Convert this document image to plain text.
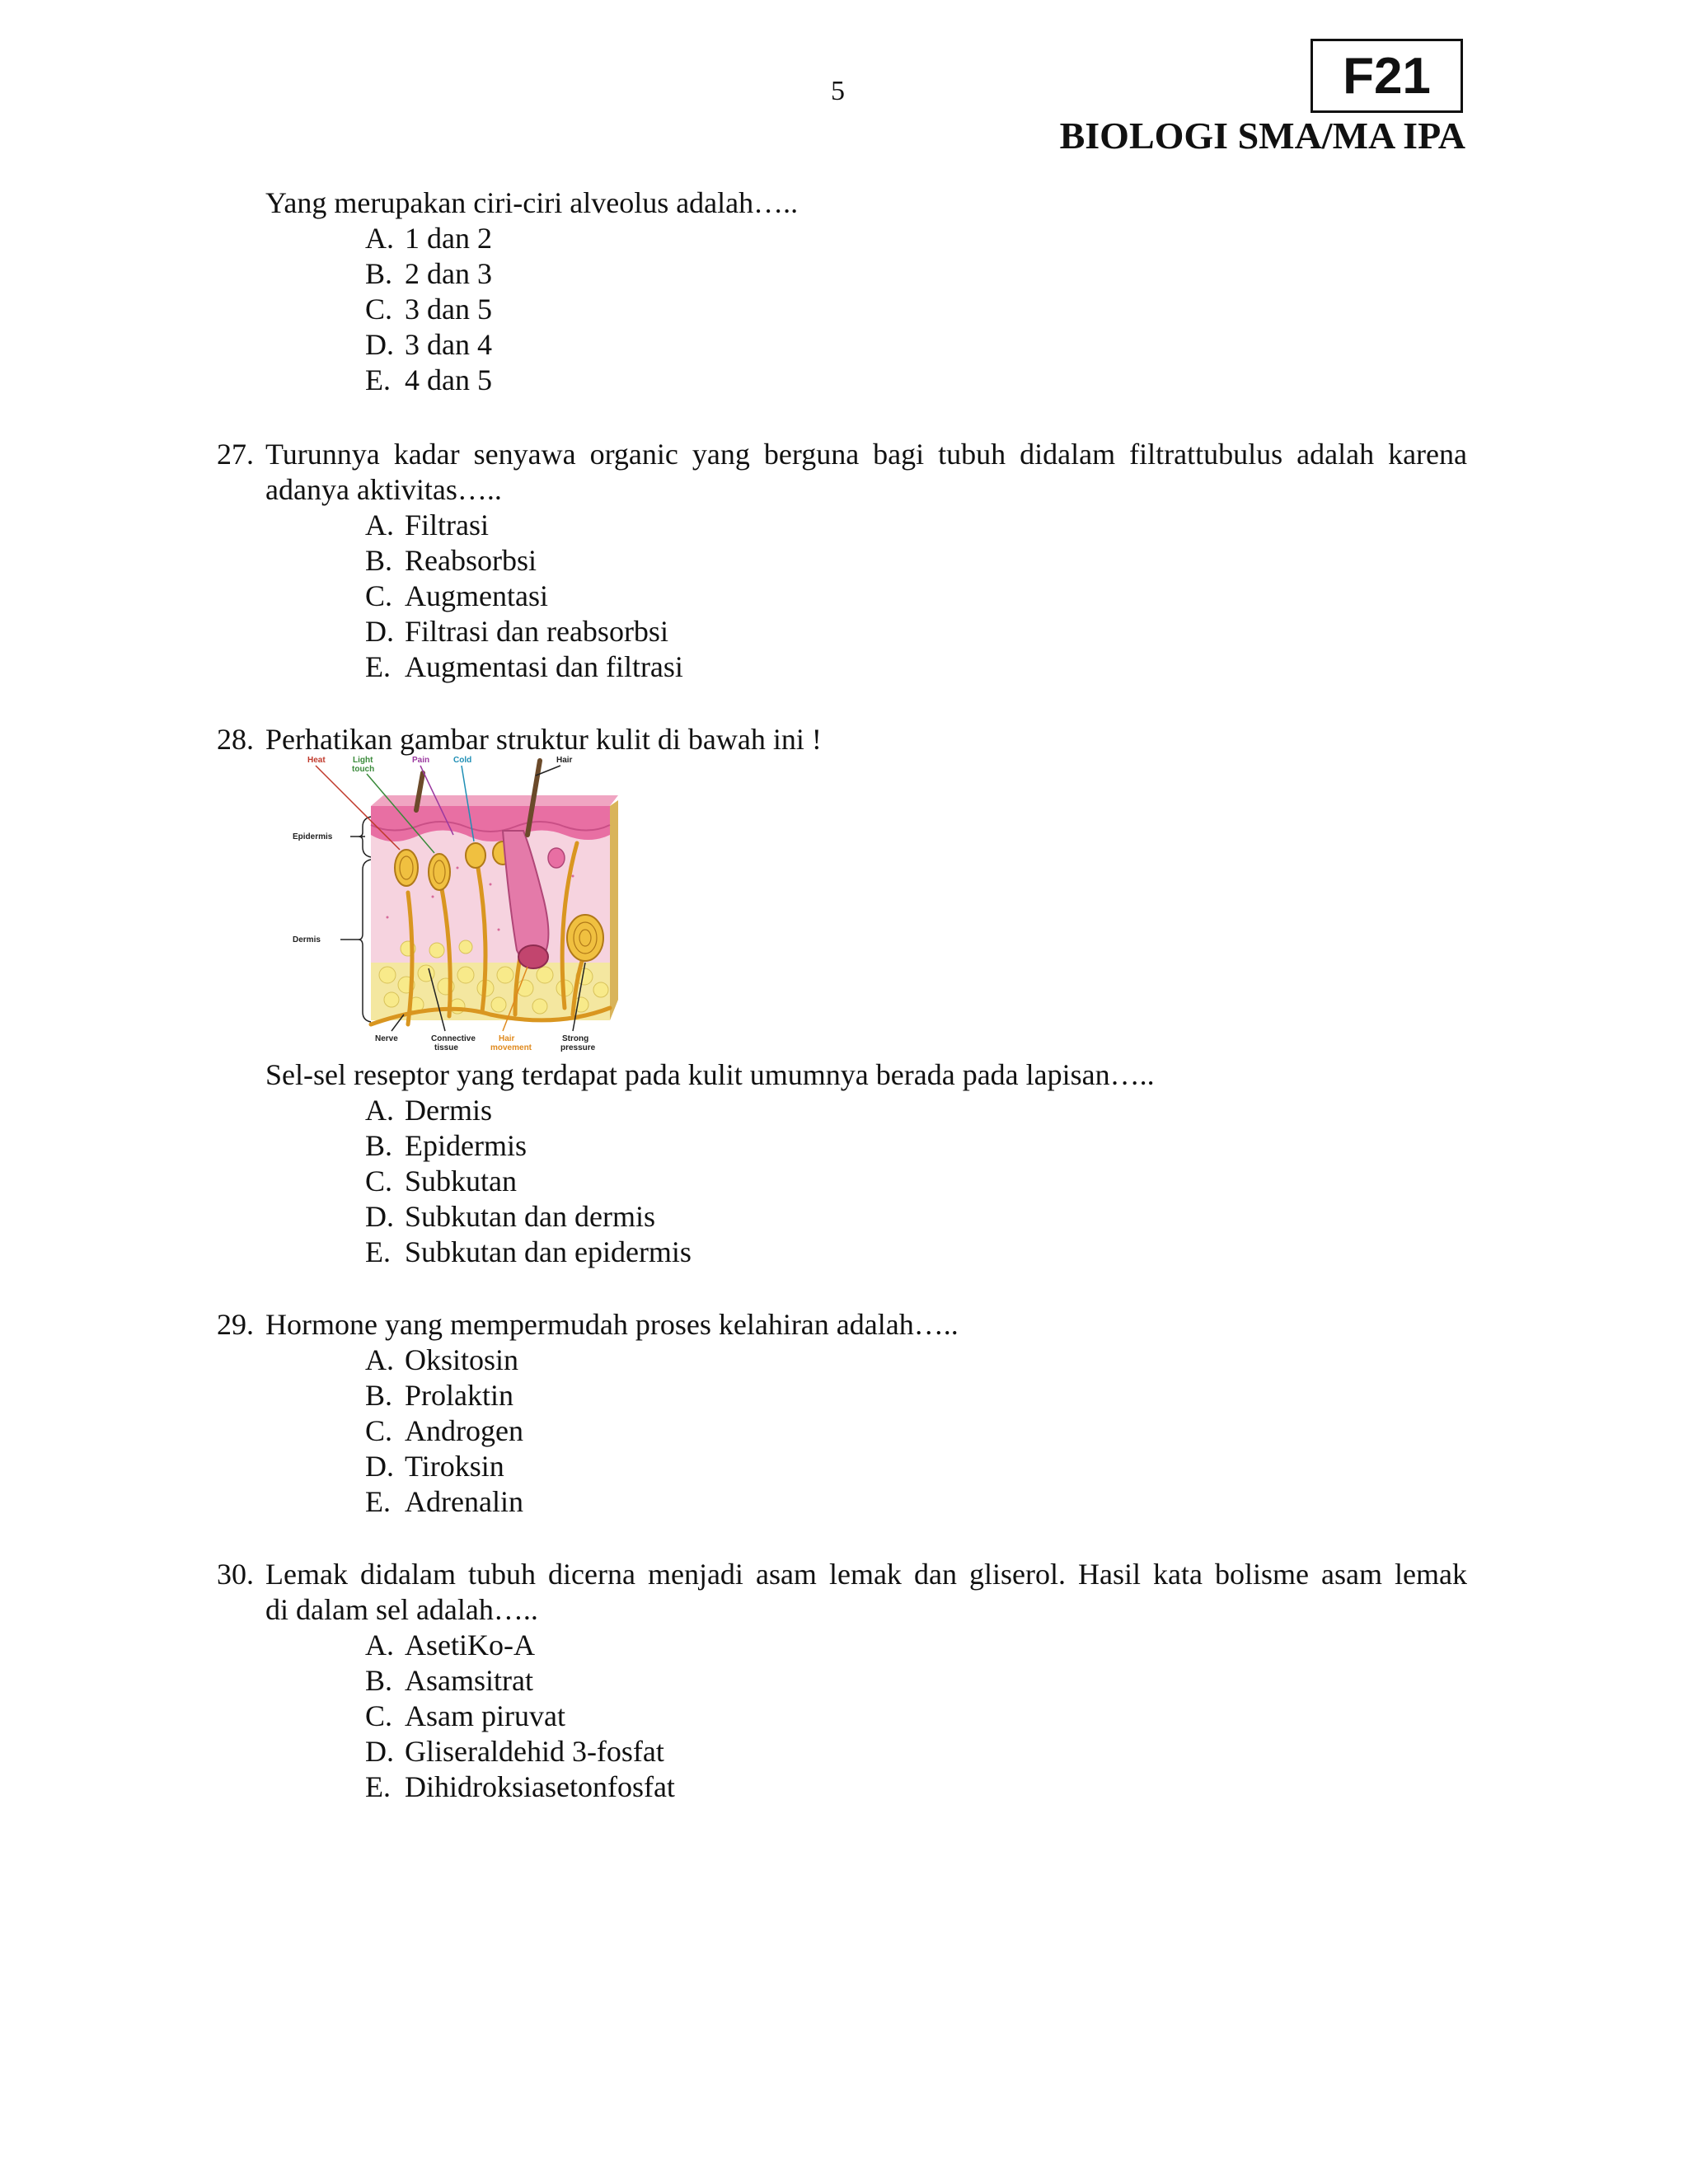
5	F21
BIOLOGI SMA/MA IPA
Yang merupakan ciri-ciri alveolus adalah…..
A. 1 dan 2
B. 2 dan 3
C. 3 dan 5
D. 3 dan 4
E. 4 dan 5
27. Turunnya kadar senyawa organic yang berguna bagi tubuh didalam filtrattubulus adalah karena
adanya aktivitas…..
A. Filtrasi
B. Reabsorbsi
C. Augmentasi
D. Filtrasi dan reabsorbsi
E. Augmentasi dan filtrasi
28. Perhatikan gambar struktur kulit di bawah ini !
Heat	Light
touch
Pain	Cold	Hair
Epidermis
Dermis
Nerve	Connective
tissue
Hair
movement
Strong
pressure
Sel-sel reseptor yang terdapat pada kulit umumnya berada pada lapisan…..
A. Dermis
B. Epidermis
C. Subkutan
D. Subkutan dan dermis
E. Subkutan dan epidermis
29. Hormone yang mempermudah proses kelahiran adalah…..
A. Oksitosin
B. Prolaktin
C. Androgen
D. Tiroksin
E. Adrenalin
30. Lemak didalam tubuh dicerna menjadi asam lemak dan gliserol. Hasil kata bolisme asam lemak
di dalam sel adalah…..
A. AsetiKo-A
B. Asamsitrat
C. Asam piruvat
D. Gliseraldehid 3-fosfat
E. Dihidroksiasetonfosfat
